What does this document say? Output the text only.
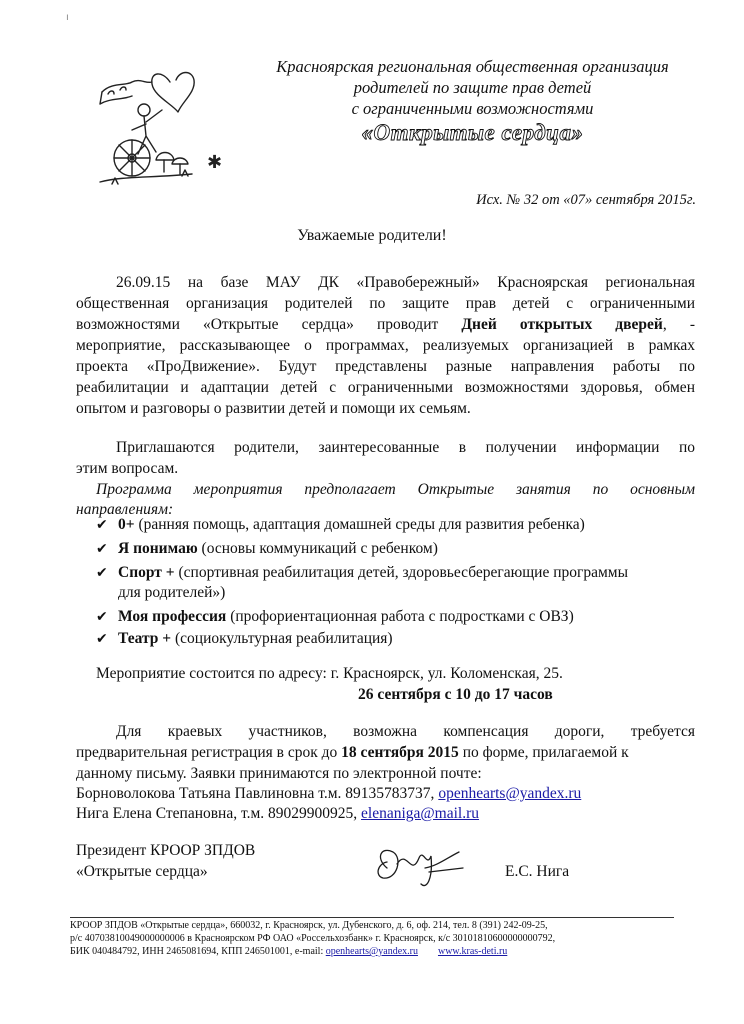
ı
✱
Красноярская региональная общественная организация
родителей по защите прав детей
с ограниченными возможностями
«Открытые сердца»
Исх. № 32 от «07» сентября 2015г.
Уважаемые родители!
26.09.15 на базе МАУ ДК «Правобережный» Красноярская региональная
общественная организация родителей по защите прав детей с ограниченными
возможностями «Открытые сердца» проводит Дней открытых дверей, -
мероприятие, рассказывающее о программах, реализуемых организацией в рамках
проекта «ПроДвижение». Будут представлены разные направления работы по
реабилитации и адаптации детей с ограниченными возможностями здоровья, обмен
опытом и разговоры о развитии детей и помощи их семьям.
Приглашаются родители, заинтересованные в получении информации по
этим вопросам.
Программа мероприятия предполагает Открытые занятия по основным
направлениям:
✔ 0+ (ранняя помощь, адаптация домашней среды для развития ребенка)
✔ Я понимаю (основы коммуникаций с ребенком)
✔ Спорт + (спортивная реабилитация детей, здоровьесберегающие программы
для родителей»)
✔ Моя профессия (профориентационная работа с подростками с ОВЗ)
✔ Театр + (социокультурная реабилитация)
Мероприятие состоится по адресу: г. Красноярск, ул. Коломенская, 25.
26 сентября с 10 до 17 часов
Для краевых участников, возможна компенсация дороги, требуется
предварительная регистрация в срок до 18 сентября 2015 по форме, прилагаемой к
данному письму. Заявки принимаются по электронной почте:
Борноволокова Татьяна Павлиновна т.м. 89135783737, openhearts@yandex.ru
Нига Елена Степановна, т.м. 89029900925, elenaniga@mail.ru
Президент КРООР ЗПДОВ
«Открытые сердца»	Е.С. Нига
КРООР ЗПДОВ «Открытые сердца», 660032, г. Красноярск, ул. Дубенского, д. 6, оф. 214, тел. 8 (391) 242-09-25,
р/с 40703810049000000006 в Красноярском РФ ОАО «Россельхозбанк» г. Красноярск, к/с 30101810600000000792,
БИК 040484792, ИНН 2465081694, КПП 246501001, e-mail: openhearts@yandex.ru www.kras-deti.ru
